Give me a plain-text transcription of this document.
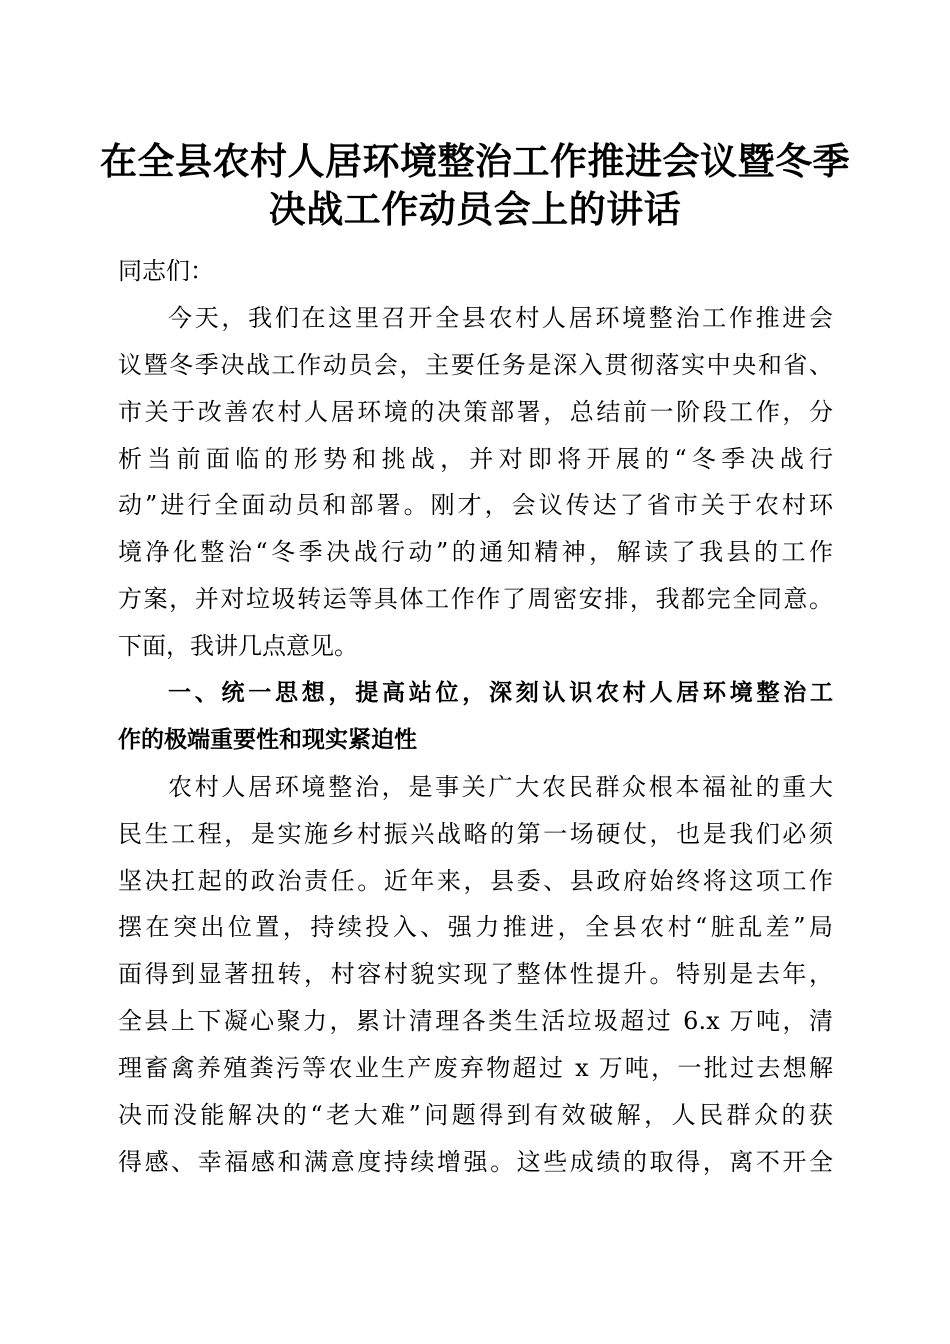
在全县农村人居环境整治工作推进会议暨冬季
决战工作动员会上的讲话
同志们：
今天，我们在这里召开全县农村人居环境整治工作推进会
议暨冬季决战工作动员会，主要任务是深入贯彻落实中央和省、
市关于改善农村人居环境的决策部署，总结前一阶段工作，分
析当前面临的形势和挑战，并对即将开展的“冬季决战行
动”进行全面动员和部署。刚才，会议传达了省市关于农村环
境净化整治“冬季决战行动”的通知精神，解读了我县的工作
方案，并对垃圾转运等具体工作作了周密安排，我都完全同意。
下面，我讲几点意见。
一、统一思想，提高站位，深刻认识农村人居环境整治工
作的极端重要性和现实紧迫性
农村人居环境整治，是事关广大农民群众根本福祉的重大
民生工程，是实施乡村振兴战略的第一场硬仗，也是我们必须
坚决扛起的政治责任。近年来，县委、县政府始终将这项工作
摆在突出位置，持续投入、强力推进，全县农村“脏乱差”局
面得到显著扭转，村容村貌实现了整体性提升。特别是去年，
全县上下凝心聚力，累计清理各类生活垃圾超过 6.x 万吨，清
理畜禽养殖粪污等农业生产废弃物超过 x 万吨，一批过去想解
决而没能解决的“老大难”问题得到有效破解，人民群众的获
得感、幸福感和满意度持续增强。这些成绩的取得，离不开全
